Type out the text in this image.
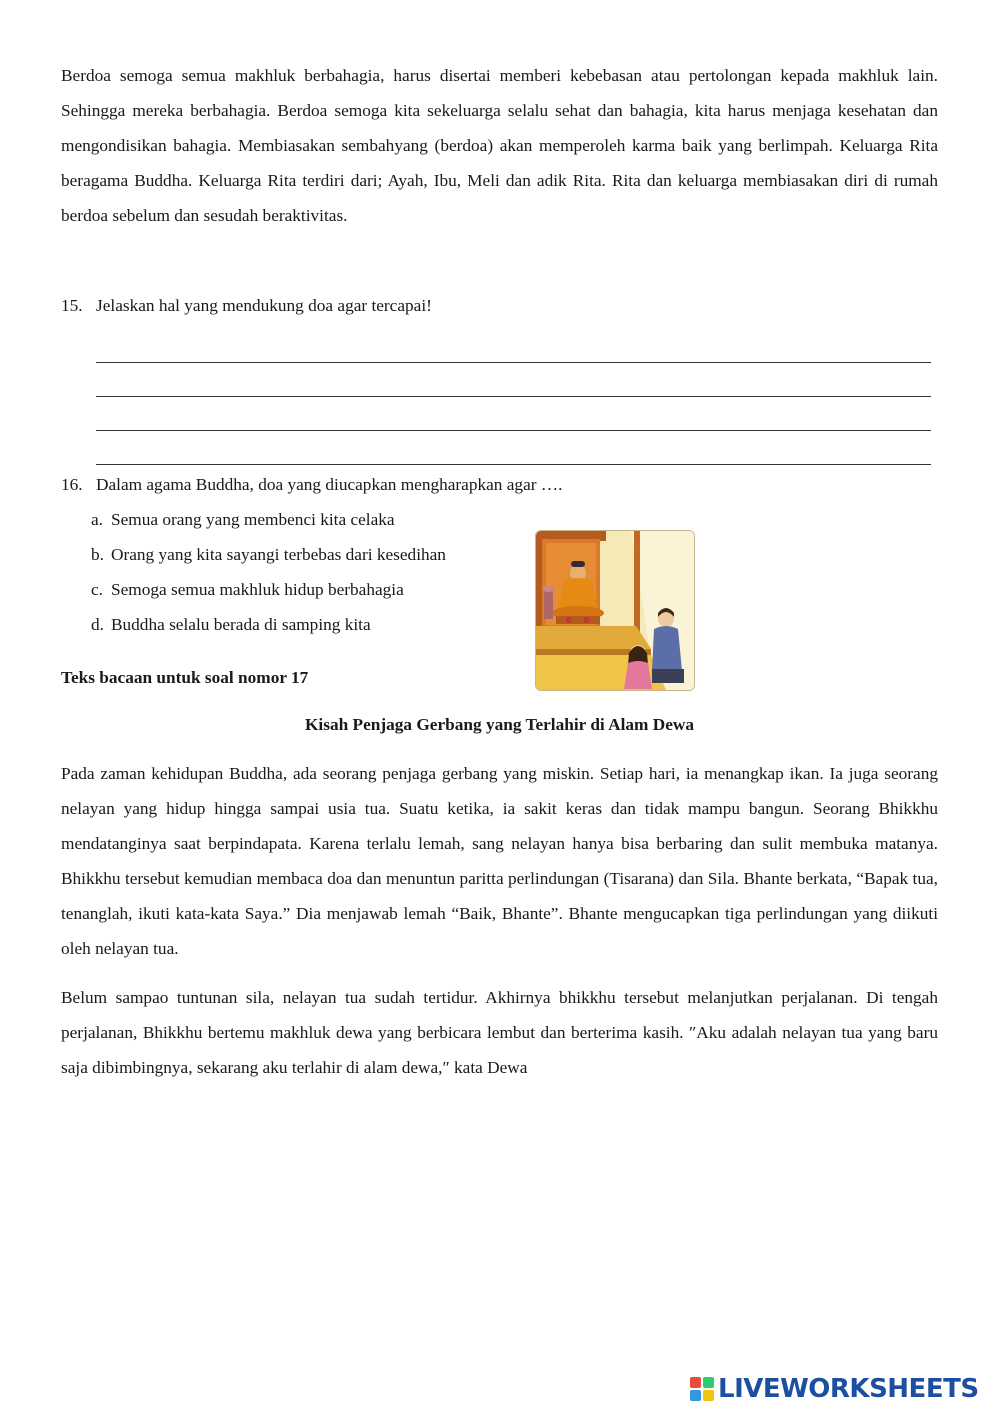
Berdoa semoga semua makhluk berbahagia, harus disertai memberi kebebasan atau pertolongan kepada makhluk lain. Sehingga mereka berbahagia. Berdoa semoga kita sekeluarga selalu sehat dan bahagia, kita harus menjaga kesehatan dan mengondisikan bahagia. Membiasakan sembahyang (berdoa) akan memperoleh karma baik yang berlimpah. Keluarga Rita beragama Buddha. Keluarga Rita terdiri dari; Ayah, Ibu, Meli dan adik Rita. Rita dan keluarga membiasakan diri di rumah berdoa sebelum dan sesudah beraktivitas.

15. Jelaskan hal yang mendukung doa agar tercapai!
16. Dalam agama Buddha, doa yang diucapkan mengharapkan agar ….
a. Semua orang yang membenci kita celaka
b. Orang yang kita sayangi terbebas dari kesedihan
c. Semoga semua makhluk hidup berbahagia
d. Buddha selalu berada di samping kita
Teks bacaan untuk soal nomor 17
Kisah Penjaga Gerbang yang Terlahir di Alam Dewa

Pada zaman kehidupan Buddha, ada seorang penjaga gerbang yang miskin. Setiap hari, ia menangkap ikan. Ia juga seorang nelayan yang hidup hingga sampai usia tua. Suatu ketika, ia sakit keras dan tidak mampu bangun. Seorang Bhikkhu mendatanginya saat berpindapata. Karena terlalu lemah, sang nelayan hanya bisa berbaring dan sulit membuka matanya. Bhikkhu tersebut kemudian membaca doa dan menuntun paritta perlindungan (Tisarana) dan Sila. Bhante berkata, “Bapak tua, tenanglah, ikuti kata-kata Saya.” Dia menjawab lemah “Baik, Bhante”. Bhante mengucapkan tiga perlindungan yang diikuti oleh nelayan tua.

Belum sampao tuntunan sila, nelayan tua sudah tertidur. Akhirnya bhikkhu tersebut melanjutkan perjalanan. Di tengah perjalanan, Bhikkhu bertemu makhluk dewa yang berbicara lembut dan berterima kasih. ″Aku adalah nelayan tua yang baru saja dibimbingnya, sekarang aku terlahir di alam dewa,″ kata Dewa

LIVEWORKSHEETS
